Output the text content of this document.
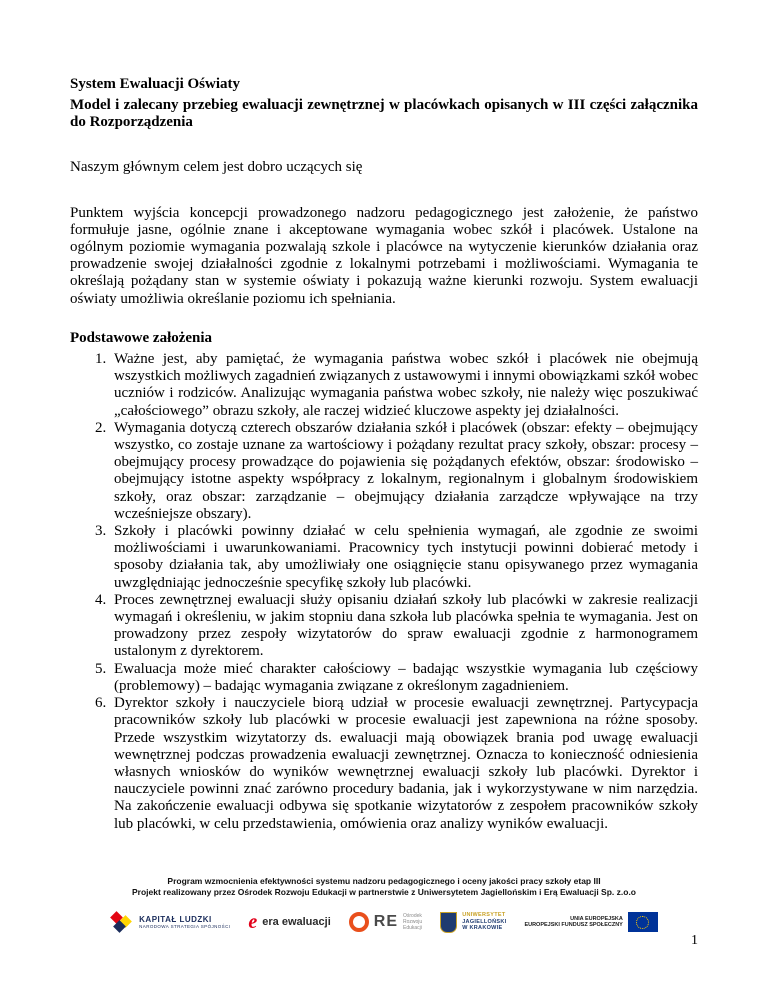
System Ewaluacji Oświaty
Model i zalecany przebieg ewaluacji zewnętrznej w placówkach opisanych w III części załącznika do Rozporządzenia

Naszym głównym celem jest dobro uczących się

Punktem wyjścia koncepcji prowadzonego nadzoru pedagogicznego jest założenie, że państwo formułuje jasne, ogólnie znane i akceptowane wymagania wobec szkół i placówek. Ustalone na ogólnym poziomie wymagania pozwalają szkole i placówce na wytyczenie kierunków działania oraz prowadzenie swojej działalności zgodnie z lokalnymi potrzebami i możliwościami. Wymagania te określają pożądany stan w systemie oświaty i pokazują ważne kierunki rozwoju. System ewaluacji oświaty umożliwia określanie poziomu ich spełniania.

Podstawowe założenia
1. Ważne jest, aby pamiętać, że wymagania państwa wobec szkół i placówek nie obejmują wszystkich możliwych zagadnień związanych z ustawowymi i innymi obowiązkami szkół wobec uczniów i rodziców. Analizując wymagania państwa wobec szkoły, nie należy więc poszukiwać „całościowego” obrazu szkoły, ale raczej widzieć kluczowe aspekty jej działalności.
2. Wymagania dotyczą czterech obszarów działania szkół i placówek (obszar: efekty – obejmujący wszystko, co zostaje uznane za wartościowy i pożądany rezultat pracy szkoły, obszar: procesy – obejmujący procesy prowadzące do pojawienia się pożądanych efektów, obszar: środowisko – obejmujący istotne aspekty współpracy z lokalnym, regionalnym i globalnym środowiskiem szkoły, oraz obszar: zarządzanie – obejmujący działania zarządcze wpływające na trzy wcześniejsze obszary).
3. Szkoły i placówki powinny działać w celu spełnienia wymagań, ale zgodnie ze swoimi możliwościami i uwarunkowaniami. Pracownicy tych instytucji powinni dobierać metody i sposoby działania tak, aby umożliwiały one osiągnięcie stanu opisywanego przez wymagania uwzględniając jednocześnie specyfikę szkoły lub placówki.
4. Proces zewnętrznej ewaluacji służy opisaniu działań szkoły lub placówki w zakresie realizacji wymagań i określeniu, w jakim stopniu dana szkoła lub placówka spełnia te wymagania. Jest on prowadzony przez zespoły wizytatorów do spraw ewaluacji zgodnie z harmonogramem ustalonym z dyrektorem.
5. Ewaluacja może mieć charakter całościowy – badając wszystkie wymagania lub częściowy (problemowy) – badając wymagania związane z określonym zagadnieniem.
6. Dyrektor szkoły i nauczyciele biorą udział w procesie ewaluacji zewnętrznej. Partycypacja pracowników szkoły lub placówki w procesie ewaluacji jest zapewniona na różne sposoby. Przede wszystkim wizytatorzy ds. ewaluacji mają obowiązek brania pod uwagę ewaluacji wewnętrznej podczas prowadzenia ewaluacji zewnętrznej. Oznacza to konieczność odniesienia własnych wniosków do wyników wewnętrznej ewaluacji szkoły lub placówki. Dyrektor i nauczyciele powinni znać zarówno procedury badania, jak i wykorzystywane w nim narzędzia. Na zakończenie ewaluacji odbywa się spotkanie wizytatorów z zespołem pracowników szkoły lub placówki, w celu przedstawienia, omówienia oraz analizy wyników ewaluacji.
Program wzmocnienia efektywności systemu nadzoru pedagogicznego i oceny jakości pracy szkoły etap III
Projekt realizowany przez Ośrodek Rozwoju Edukacji w partnerstwie z Uniwersytetem Jagiellońskim i Erą Ewaluacji Sp. z.o.o
KAPITAŁ LUDZKI
NARODOWA STRATEGIA SPÓJNOŚCI e era ewaluacji	RE Ośrodek
Rozwoju
Edukacji
UNIWERSYTET
JAGIELLOŃSKI
W KRAKOWIE
UNIA EUROPEJSKA
EUROPEJSKI FUNDUSZ SPOŁECZNY
1
